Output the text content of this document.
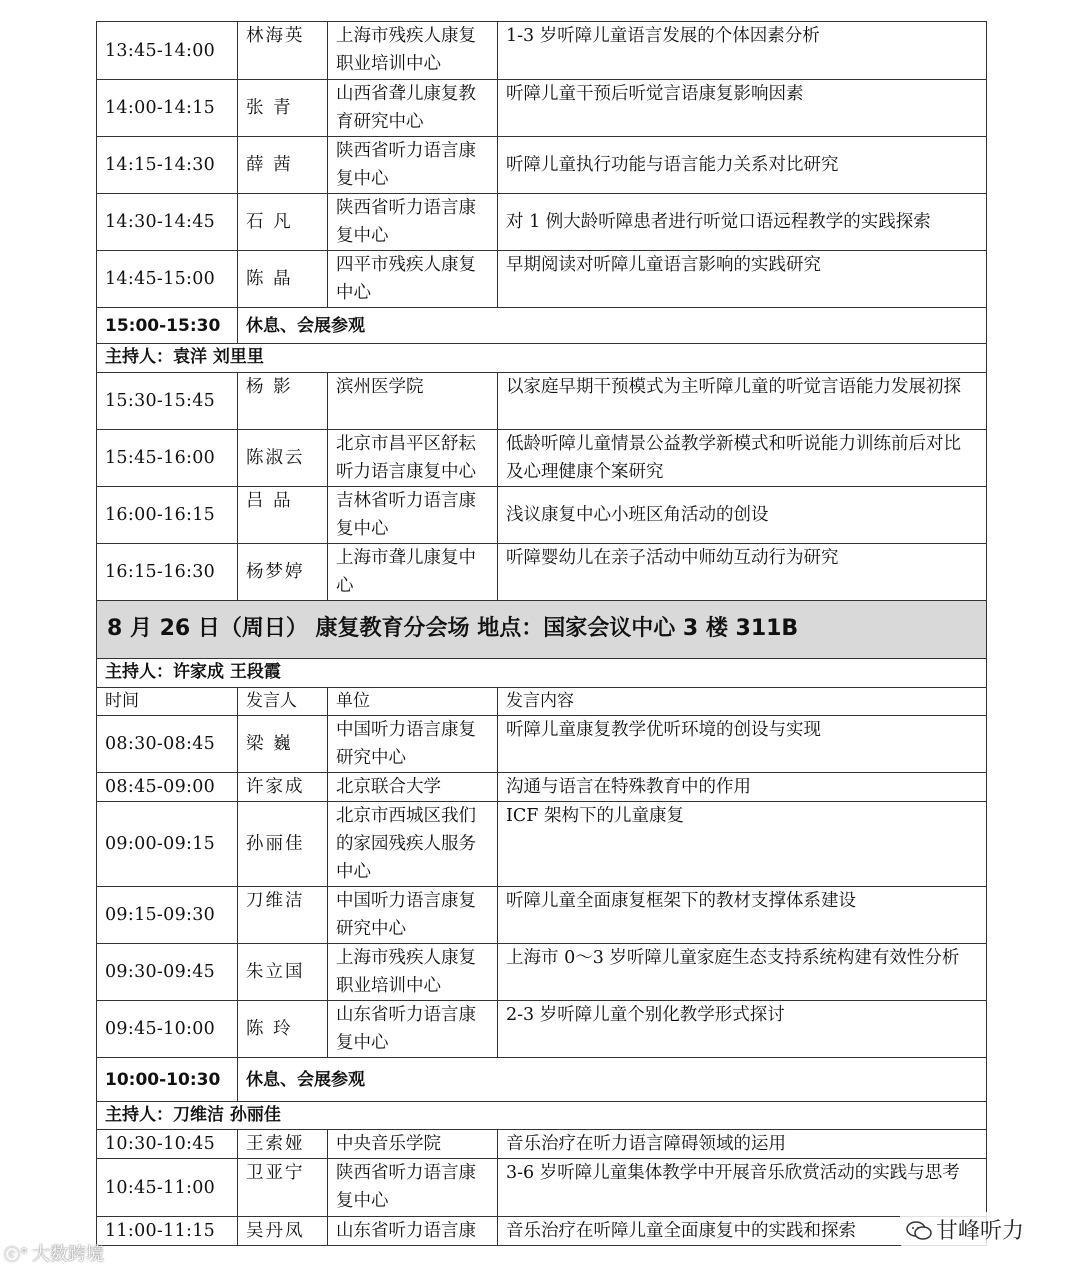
13:45-14:00	林海英	上海市残疾人康复职业培训中心	1-3 岁听障儿童语言发展的个体因素分析
14:00-14:15	张 青	山西省聋儿康复教育研究中心	听障儿童干预后听觉言语康复影响因素
14:15-14:30	薛 茜	陕西省听力语言康复中心	听障儿童执行功能与语言能力关系对比研究
14:30-14:45	石 凡	陕西省听力语言康复中心	对 1 例大龄听障患者进行听觉口语远程教学的实践探索
14:45-15:00	陈 晶	四平市残疾人康复中心	早期阅读对听障儿童语言影响的实践研究
15:00-15:30	休息、会展参观		
主持人：袁洋 刘里里			
15:30-15:45	杨 影	滨州医学院	以家庭早期干预模式为主听障儿童的听觉言语能力发展初探
15:45-16:00	陈淑云	北京市昌平区舒耘听力语言康复中心	低龄听障儿童情景公益教学新模式和听说能力训练前后对比及心理健康个案研究
16:00-16:15	吕 品	吉林省听力语言康复中心	浅议康复中心小班区角活动的创设
16:15-16:30	杨梦婷	上海市聋儿康复中心	听障婴幼儿在亲子活动中师幼互动行为研究
8 月 26 日（周日） 康复教育分会场 地点：国家会议中心 3 楼 311B			
主持人：许家成 王段霞			
时间	发言人	单位	发言内容
08:30-08:45	梁 巍	中国听力语言康复研究中心	听障儿童康复教学优听环境的创设与实现
08:45-09:00	许家成	北京联合大学	沟通与语言在特殊教育中的作用
09:00-09:15	孙丽佳	北京市西城区我们的家园残疾人服务中心	ICF 架构下的儿童康复
09:15-09:30	刀维洁	中国听力语言康复研究中心	听障儿童全面康复框架下的教材支撑体系建设
09:30-09:45	朱立国	上海市残疾人康复职业培训中心	上海市 0～3 岁听障儿童家庭生态支持系统构建有效性分析
09:45-10:00	陈 玲	山东省听力语言康复中心	2-3 岁听障儿童个别化教学形式探讨
10:00-10:30	休息、会展参观		
主持人：刀维洁 孙丽佳			
10:30-10:45	王索娅	中央音乐学院	音乐治疗在听力语言障碍领域的运用
10:45-11:00	卫亚宁	陕西省听力语言康复中心	3-6 岁听障儿童集体教学中开展音乐欣赏活动的实践与思考
11:00-11:15	吴丹凤	山东省听力语言康	音乐治疗在听障儿童全面康复中的实践和探索
ⓒ° 大数跨境
甘峰听力
